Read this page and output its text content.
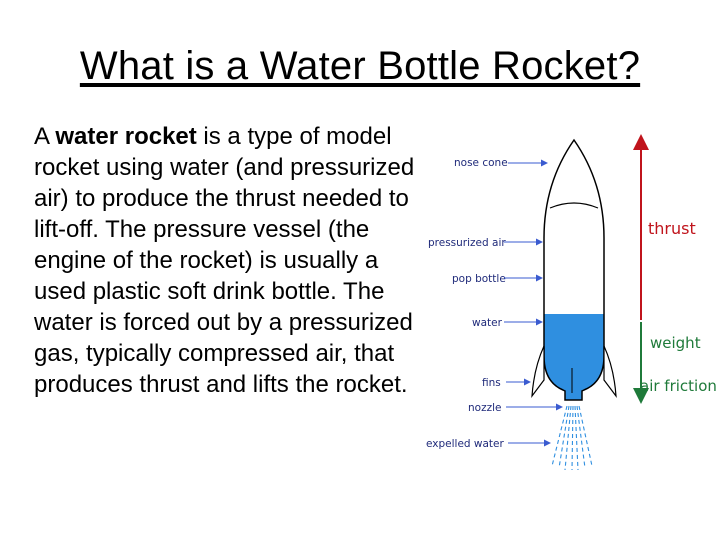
What is a Water Bottle Rocket?
A water rocket is a type of model rocket using water (and pressurized air) to produce the thrust needed to lift-off. The pressure vessel (the engine of the rocket) is usually a used plastic soft drink bottle. The water is forced out by a pressurized gas, typically compressed air, that produces thrust and lifts the rocket.
nose cone
pressurized air
pop bottle
water
fins
nozzle
expelled water
thrust
weight
air friction
